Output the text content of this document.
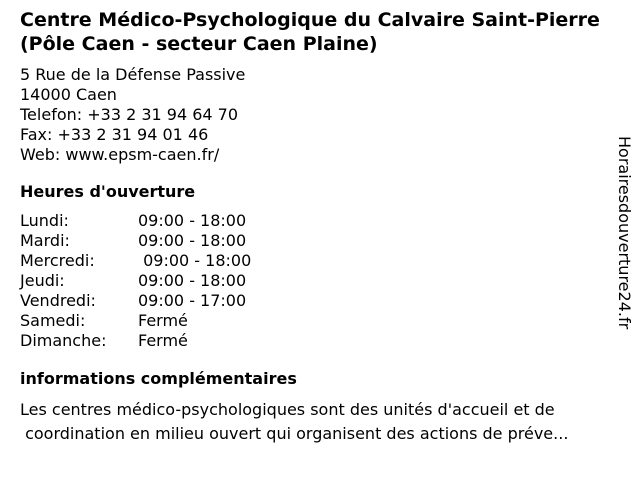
Centre Médico-Psychologique du Calvaire Saint-Pierre (Pôle Caen - secteur Caen Plaine)
5 Rue de la Défense Passive
14000 Caen
Telefon: +33 2 31 94 64 70
Fax: +33 2 31 94 01 46
Web: www.epsm-caen.fr/
Heures d'ouverture
Lundi:	09:00 - 18:00
Mardi:	09:00 - 18:00
Mercredi:	09:00 - 18:00
Jeudi:	09:00 - 18:00
Vendredi:	09:00 - 17:00
Samedi:	Fermé
Dimanche:	Fermé
informations complémentaires
Les centres médico-psychologiques sont des unités d'accueil et de
coordination en milieu ouvert qui organisent des actions de préve...
Horairesdouverture24.fr
